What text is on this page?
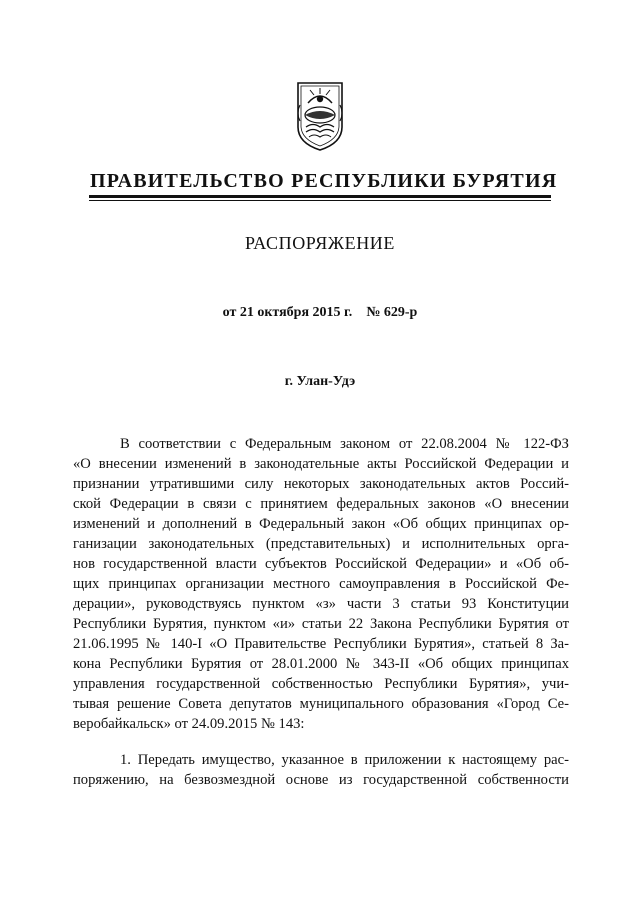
ПРАВИТЕЛЬСТВО РЕСПУБЛИКИ БУРЯТИЯ
РАСПОРЯЖЕНИЕ
от 21 октября 2015 г. № 629-р
г. Улан-Удэ
В соответствии с Федеральным законом от 22.08.2004 № 122-ФЗ
«О внесении изменений в законодательные акты Российской Федерации и
признании утратившими силу некоторых законодательных актов Россий-
ской Федерации в связи с принятием федеральных законов «О внесении
изменений и дополнений в Федеральный закон «Об общих принципах ор-
ганизации законодательных (представительных) и исполнительных орга-
нов государственной власти субъектов Российской Федерации» и «Об об-
щих принципах организации местного самоуправления в Российской Фе-
дерации», руководствуясь пунктом «з» части 3 статьи 93 Конституции
Республики Бурятия, пунктом «и» статьи 22 Закона Республики Бурятия от
21.06.1995 № 140-I «О Правительстве Республики Бурятия», статьей 8 За-
кона Республики Бурятия от 28.01.2000 № 343-II «Об общих принципах
управления государственной собственностью Республики Бурятия», учи-
тывая решение Совета депутатов муниципального образования «Город Се-
веробайкальск» от 24.09.2015 № 143:
1. Передать имущество, указанное в приложении к настоящему рас-
поряжению, на безвозмездной основе из государственной собственности
